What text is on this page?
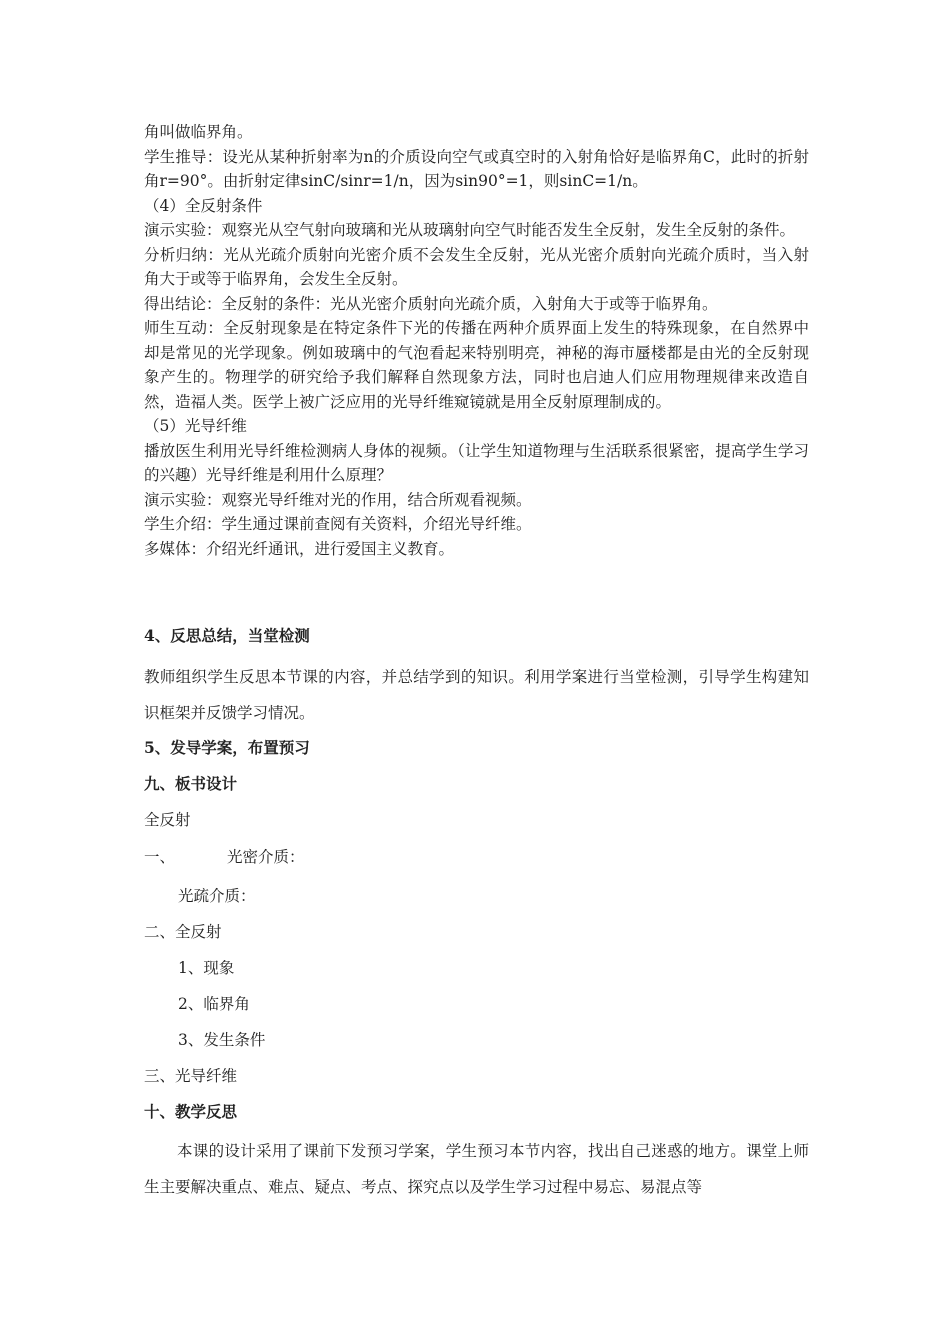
角叫做临界角。

学生推导：设光从某种折射率为n的介质设向空气或真空时的入射角恰好是临界角C，此时的折射角r=90°。由折射定律sinC/sinr=1/n，因为sin90°=1，则sinC=1/n。

（4）全反射条件

演示实验：观察光从空气射向玻璃和光从玻璃射向空气时能否发生全反射，发生全反射的条件。

分析归纳：光从光疏介质射向光密介质不会发生全反射，光从光密介质射向光疏介质时，当入射角大于或等于临界角，会发生全反射。

得出结论：全反射的条件：光从光密介质射向光疏介质，入射角大于或等于临界角。

师生互动：全反射现象是在特定条件下光的传播在两种介质界面上发生的特殊现象，在自然界中却是常见的光学现象。例如玻璃中的气泡看起来特别明亮，神秘的海市蜃楼都是由光的全反射现象产生的。物理学的研究给予我们解释自然现象方法，同时也启迪人们应用物理规律来改造自然，造福人类。医学上被广泛应用的光导纤维窥镜就是用全反射原理制成的。

（5）光导纤维

播放医生利用光导纤维检测病人身体的视频。（让学生知道物理与生活联系很紧密，提高学生学习的兴趣）光导纤维是利用什么原理？

演示实验：观察光导纤维对光的作用，结合所观看视频。

学生介绍：学生通过课前查阅有关资料，介绍光导纤维。

多媒体：介绍光纤通讯，进行爱国主义教育。

4、反思总结，当堂检测

教师组织学生反思本节课的内容，并总结学到的知识。利用学案进行当堂检测，引导学生构建知识框架并反馈学习情况。

5、发导学案，布置预习
九、板书设计
全反射
一、	光密介质：
光疏介质：
二、全反射
1、现象
2、临界角
3、发生条件
三、光导纤维
十、教学反思

本课的设计采用了课前下发预习学案，学生预习本节内容，找出自己迷惑的地方。课堂上师生主要解决重点、难点、疑点、考点、探究点以及学生学习过程中易忘、易混点等
